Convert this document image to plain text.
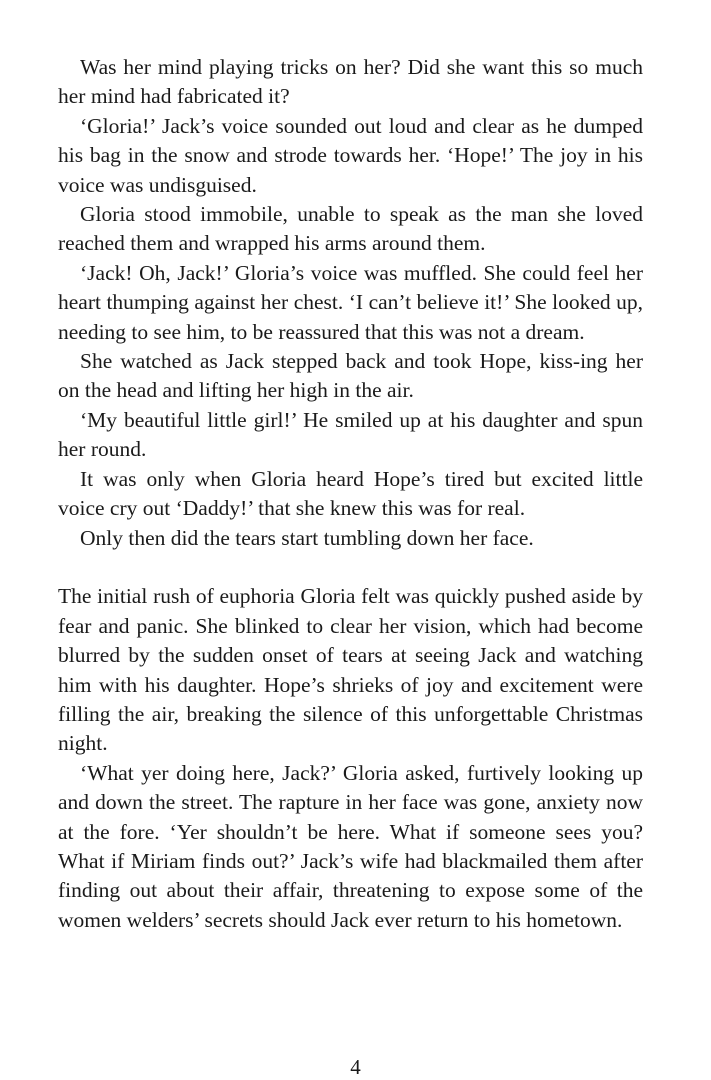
Was her mind playing tricks on her? Did she want this so much her mind had fabricated it?

‘Gloria!’ Jack’s voice sounded out loud and clear as he dumped his bag in the snow and strode towards her. ‘Hope!’ The joy in his voice was undisguised.

Gloria stood immobile, unable to speak as the man she loved reached them and wrapped his arms around them.

‘Jack! Oh, Jack!’ Gloria’s voice was muffled. She could feel her heart thumping against her chest. ‘I can’t believe it!’ She looked up, needing to see him, to be reassured that this was not a dream.

She watched as Jack stepped back and took Hope, kiss-ing her on the head and lifting her high in the air.

‘My beautiful little girl!’ He smiled up at his daughter and spun her round.

It was only when Gloria heard Hope’s tired but excited little voice cry out ‘Daddy!’ that she knew this was for real.

Only then did the tears start tumbling down her face.

The initial rush of euphoria Gloria felt was quickly pushed aside by fear and panic. She blinked to clear her vision, which had become blurred by the sudden onset of tears at seeing Jack and watching him with his daughter. Hope’s shrieks of joy and excitement were filling the air, breaking the silence of this unforgettable Christmas night.

‘What yer doing here, Jack?’ Gloria asked, furtively looking up and down the street. The rapture in her face was gone, anxiety now at the fore. ‘Yer shouldn’t be here. What if someone sees you? What if Miriam finds out?’ Jack’s wife had blackmailed them after finding out about their affair, threatening to expose some of the women welders’ secrets should Jack ever return to his hometown.

4
